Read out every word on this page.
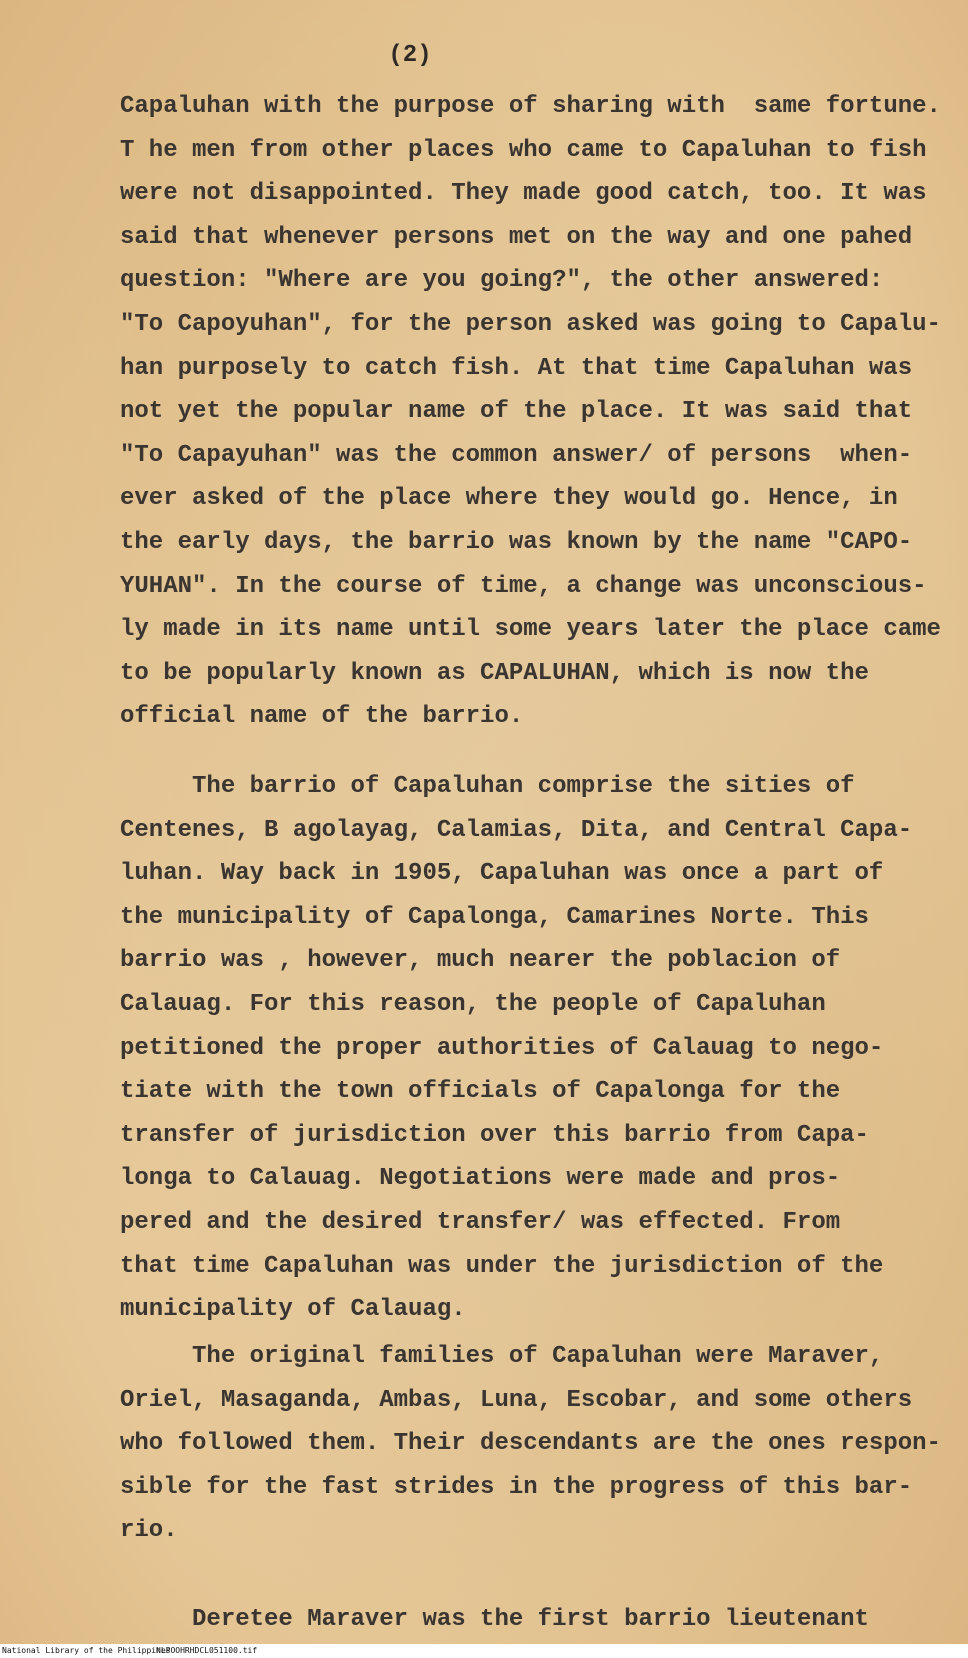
(2)
Capaluhan with the purpose of sharing with  same fortune.
T he men from other places who came to Capaluhan to fish
were not disappointed. They made good catch, too. It was
said that whenever persons met on the way and one pahed
question: "Where are you going?", the other answered:
"To Capoyuhan", for the person asked was going to Capalu-
han purposely to catch fish. At that time Capaluhan was
not yet the popular name of the place. It was said that
"To Capayuhan" was the common answer/ of persons  when-
ever asked of the place where they would go. Hence, in
the early days, the barrio was known by the name "CAPO-
YUHAN". In the course of time, a change was unconscious-
ly made in its name until some years later the place came
to be popularly known as CAPALUHAN, which is now the
official name of the barrio.
The barrio of Capaluhan comprise the sities of
Centenes, B agolayag, Calamias, Dita, and Central Capa-
luhan. Way back in 1905, Capaluhan was once a part of
the municipality of Capalonga, Camarines Norte. This
barrio was , however, much nearer the poblacion of
Calauag. For this reason, the people of Capaluhan
petitioned the proper authorities of Calauag to nego-
tiate with the town officials of Capalonga for the
transfer of jurisdiction over this barrio from Capa-
longa to Calauag. Negotiations were made and pros-
pered and the desired transfer/ was effected. From
that time Capaluhan was under the jurisdiction of the
municipality of Calauag.
The original families of Capaluhan were Maraver,
Oriel, Masaganda, Ambas, Luna, Escobar, and some others
who followed them. Their descendants are the ones respon-
sible for the fast strides in the progress of this bar-
rio.
Deretee Maraver was the first barrio lieutenant
National Library of the Philippines
NLPOOHRHDCL051100.tif
